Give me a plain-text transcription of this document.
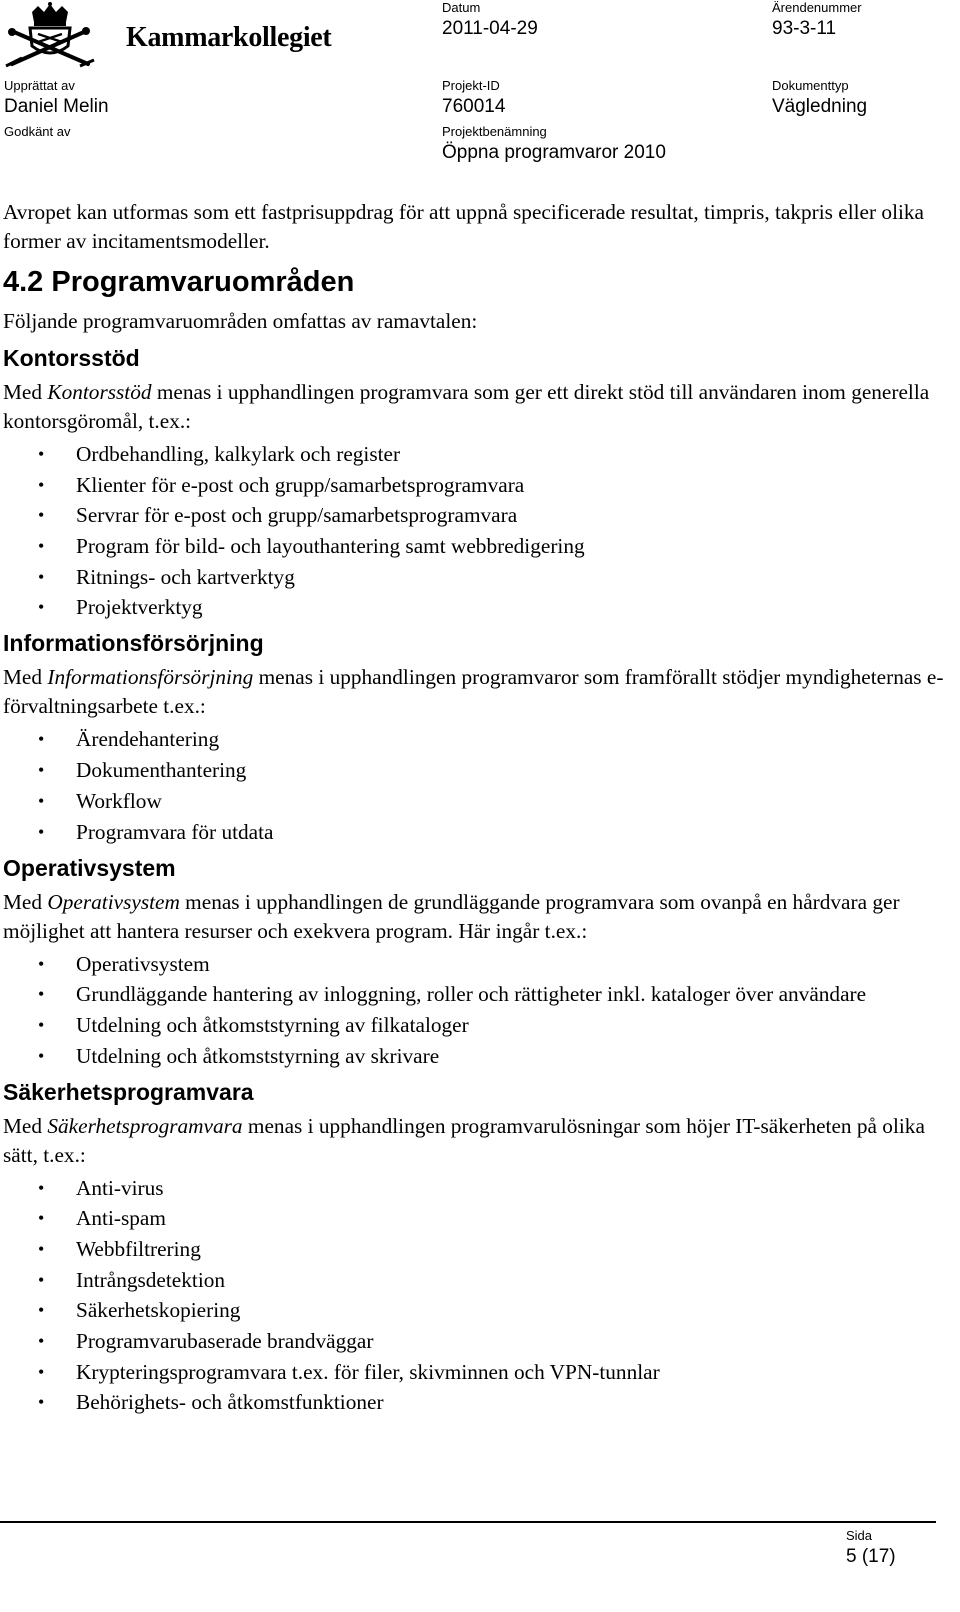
Kammarkollegiet
Datum
2011-04-29
Ärendenummer
93-3-11
Upprättat av
Daniel Melin
Projekt-ID
760014
Dokumenttyp
Vägledning
Godkänt av	Projektbenämning
Öppna programvaror 2010

Avropet kan utformas som ett fastprisuppdrag för att uppnå specificerade resultat, timpris, takpris eller olika former av incitamentsmodeller.

4.2 Programvaruområden

Följande programvaruområden omfattas av ramavtalen:

Kontorsstöd

Med Kontorsstöd menas i upphandlingen programvara som ger ett direkt stöd till användaren inom generella kontorsgöromål, t.ex.:

• Ordbehandling, kalkylark och register
• Klienter för e-post och grupp/samarbetsprogramvara
• Servrar för e-post och grupp/samarbetsprogramvara
• Program för bild- och layouthantering samt webbredigering
• Ritnings- och kartverktyg
• Projektverktyg
Informationsförsörjning

Med Informationsförsörjning menas i upphandlingen programvaror som framförallt stödjer myndigheternas e-förvaltningsarbete t.ex.:

• Ärendehantering
• Dokumenthantering
• Workflow
• Programvara för utdata
Operativsystem

Med Operativsystem menas i upphandlingen de grundläggande programvara som ovanpå en hårdvara ger möjlighet att hantera resurser och exekvera program. Här ingår t.ex.:

• Operativsystem
• Grundläggande hantering av inloggning, roller och rättigheter inkl. kataloger över användare
• Utdelning och åtkomststyrning av filkataloger
• Utdelning och åtkomststyrning av skrivare
Säkerhetsprogramvara

Med Säkerhetsprogramvara menas i upphandlingen programvarulösningar som höjer IT-säkerheten på olika sätt, t.ex.:

• Anti-virus
• Anti-spam
• Webbfiltrering
• Intrångsdetektion
• Säkerhetskopiering
• Programvarubaserade brandväggar
• Krypteringsprogramvara t.ex. för filer, skivminnen och VPN-tunnlar
• Behörighets- och åtkomstfunktioner
Sida
5 (17)
